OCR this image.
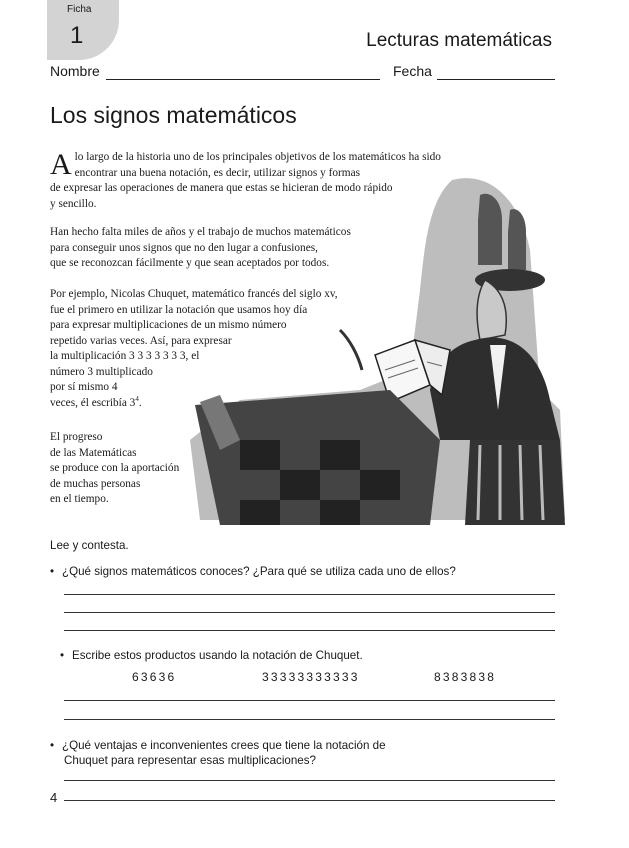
Ficha
1	Lecturas matemáticas
Nombre	Fecha
Los signos matemáticos
A lo largo de la historia uno de los principales objetivos de los matemáticos ha sido
encontrar una buena notación, es decir, utilizar signos y formas
de expresar las operaciones de manera que estas se hicieran de modo rápido
y sencillo.
Han hecho falta miles de años y el trabajo de muchos matemáticos
para conseguir unos signos que no den lugar a confusiones,
que se reconozcan fácilmente y que sean aceptados por todos.
Por ejemplo, Nicolas Chuquet, matemático francés del siglo xv,
fue el primero en utilizar la notación que usamos hoy día
para expresar multiplicaciones de un mismo número
repetido varias veces. Así, para expresar
la multiplicación 3 3 3 3 3 3 3, el
número 3 multiplicado
por sí mismo 4
veces, él escribía $3^4$.
El progreso
de las Matemáticas
se produce con la aportación
de muchas personas
en el tiempo.
Lee y contesta.
• ¿Qué signos matemáticos conoces? ¿Para qué se utiliza cada uno de ellos?
• Escribe estos productos usando la notación de Chuquet.
63636	33333333333	8383838
• ¿Qué ventajas e inconvenientes crees que tiene la notación de
Chuquet para representar esas multiplicaciones?
4
